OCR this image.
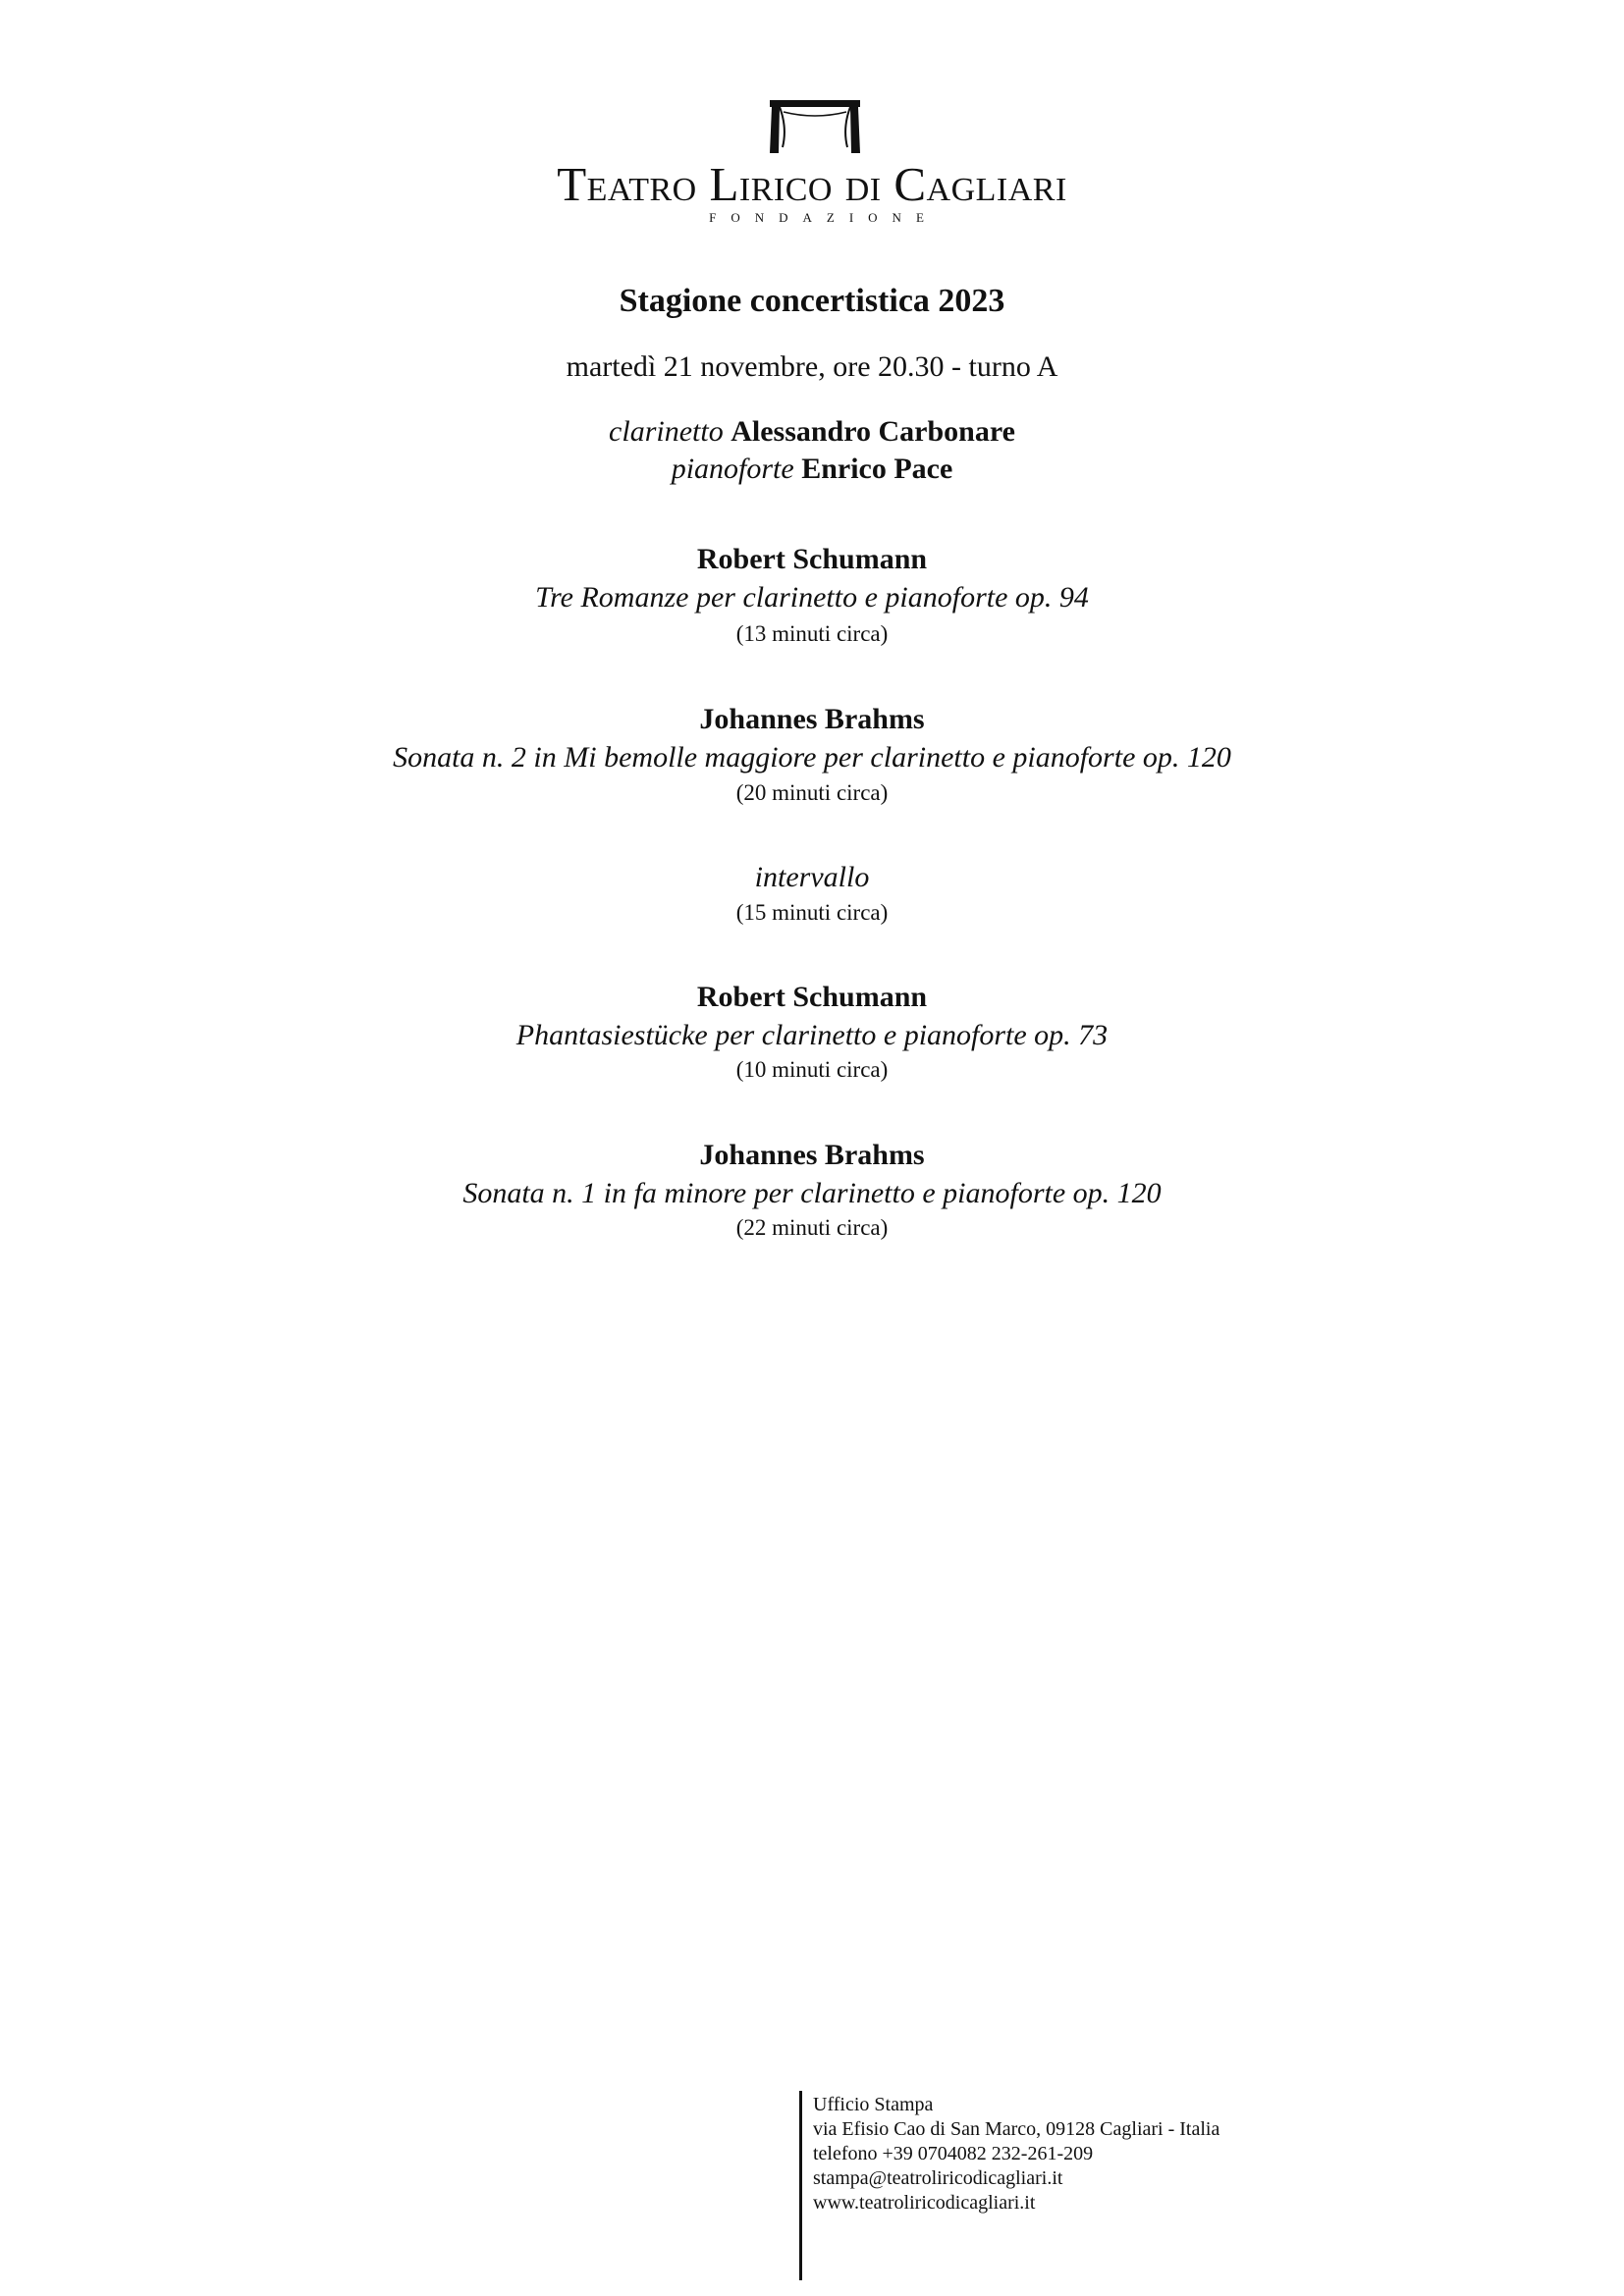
Teatro Lirico di Cagliari
FONDAZIONE
Stagione concertistica 2023
martedì 21 novembre, ore 20.30 - turno A
clarinetto Alessandro Carbonare
pianoforte Enrico Pace
Robert Schumann
Tre Romanze per clarinetto e pianoforte op. 94
(13 minuti circa)
Johannes Brahms
Sonata n. 2 in Mi bemolle maggiore per clarinetto e pianoforte op. 120
(20 minuti circa)
intervallo
(15 minuti circa)
Robert Schumann
Phantasiestücke per clarinetto e pianoforte op. 73
(10 minuti circa)
Johannes Brahms
Sonata n. 1 in fa minore per clarinetto e pianoforte op. 120
(22 minuti circa)
Ufficio Stampa
via Efisio Cao di San Marco, 09128 Cagliari - Italia
telefono +39 0704082 232-261-209
stampa@teatroliricodicagliari.it
www.teatroliricodicagliari.it
